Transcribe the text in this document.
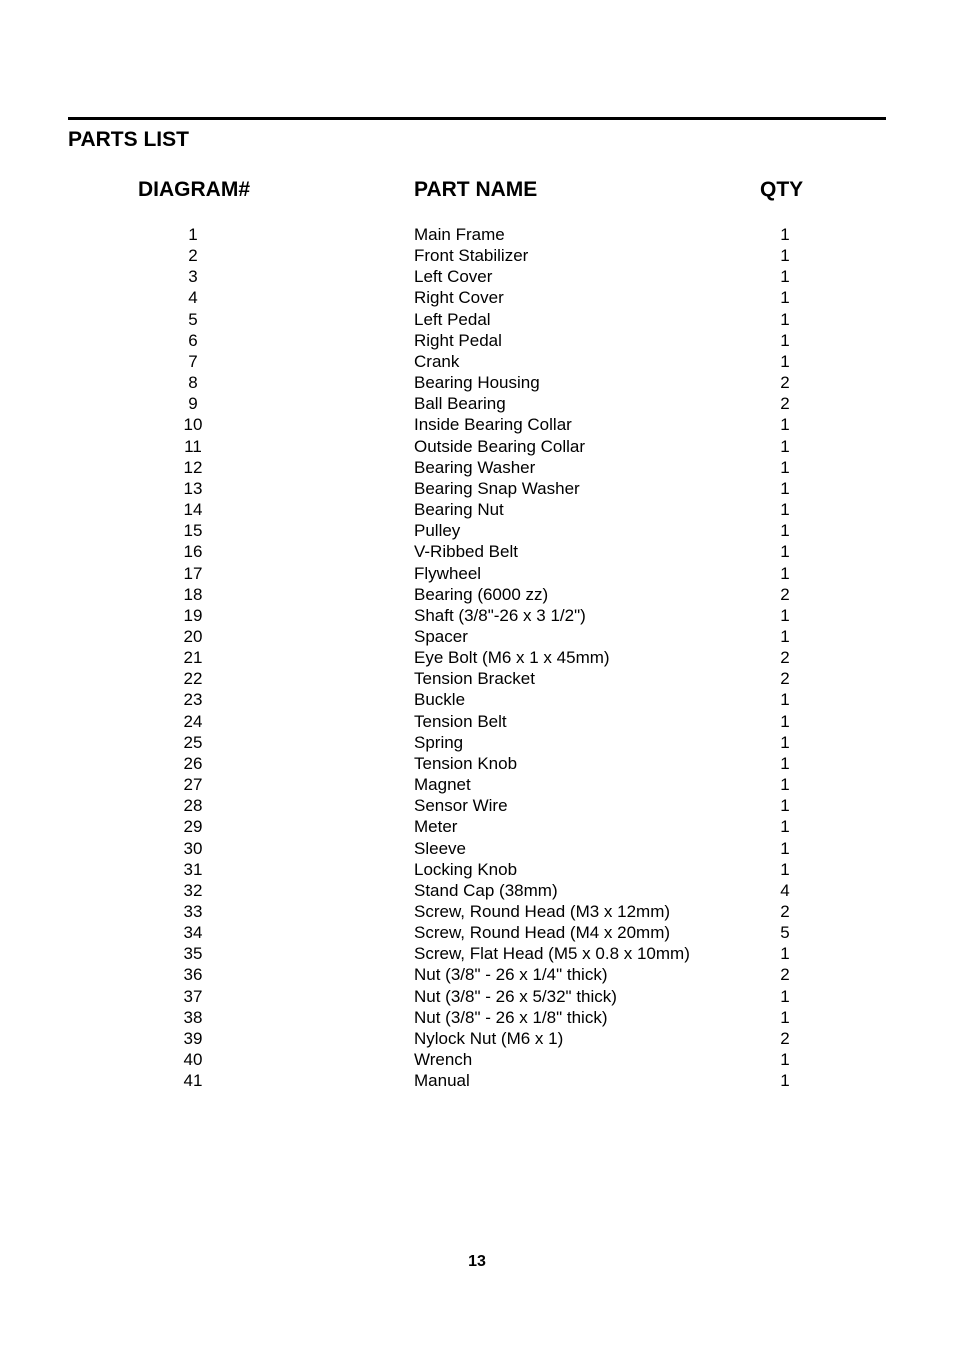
PARTS LIST
DIAGRAM#	PART NAME	QTY
1	Main Frame	1
2	Front Stabilizer	1
3	Left Cover	1
4	Right Cover	1
5	Left Pedal	1
6	Right Pedal	1
7	Crank	1
8	Bearing Housing	2
9	Ball Bearing	2
10	Inside Bearing Collar	1
11	Outside Bearing Collar	1
12	Bearing Washer	1
13	Bearing Snap Washer	1
14	Bearing Nut	1
15	Pulley	1
16	V-Ribbed Belt	1
17	Flywheel	1
18	Bearing (6000 zz)	2
19	Shaft (3/8"-26 x 3 1/2")	1
20	Spacer	1
21	Eye Bolt (M6 x 1 x 45mm)	2
22	Tension Bracket	2
23	Buckle	1
24	Tension Belt	1
25	Spring	1
26	Tension Knob	1
27	Magnet	1
28	Sensor Wire	1
29	Meter	1
30	Sleeve	1
31	Locking Knob	1
32	Stand Cap (38mm)	4
33	Screw, Round Head (M3 x 12mm)	2
34	Screw, Round Head (M4 x 20mm)	5
35	Screw, Flat Head (M5 x 0.8 x 10mm)	1
36	Nut (3/8" - 26 x 1/4" thick)	2
37	Nut (3/8" - 26 x 5/32" thick)	1
38	Nut (3/8" - 26 x 1/8" thick)	1
39	Nylock Nut (M6 x 1)	2
40	Wrench	1
41	Manual	1
13
